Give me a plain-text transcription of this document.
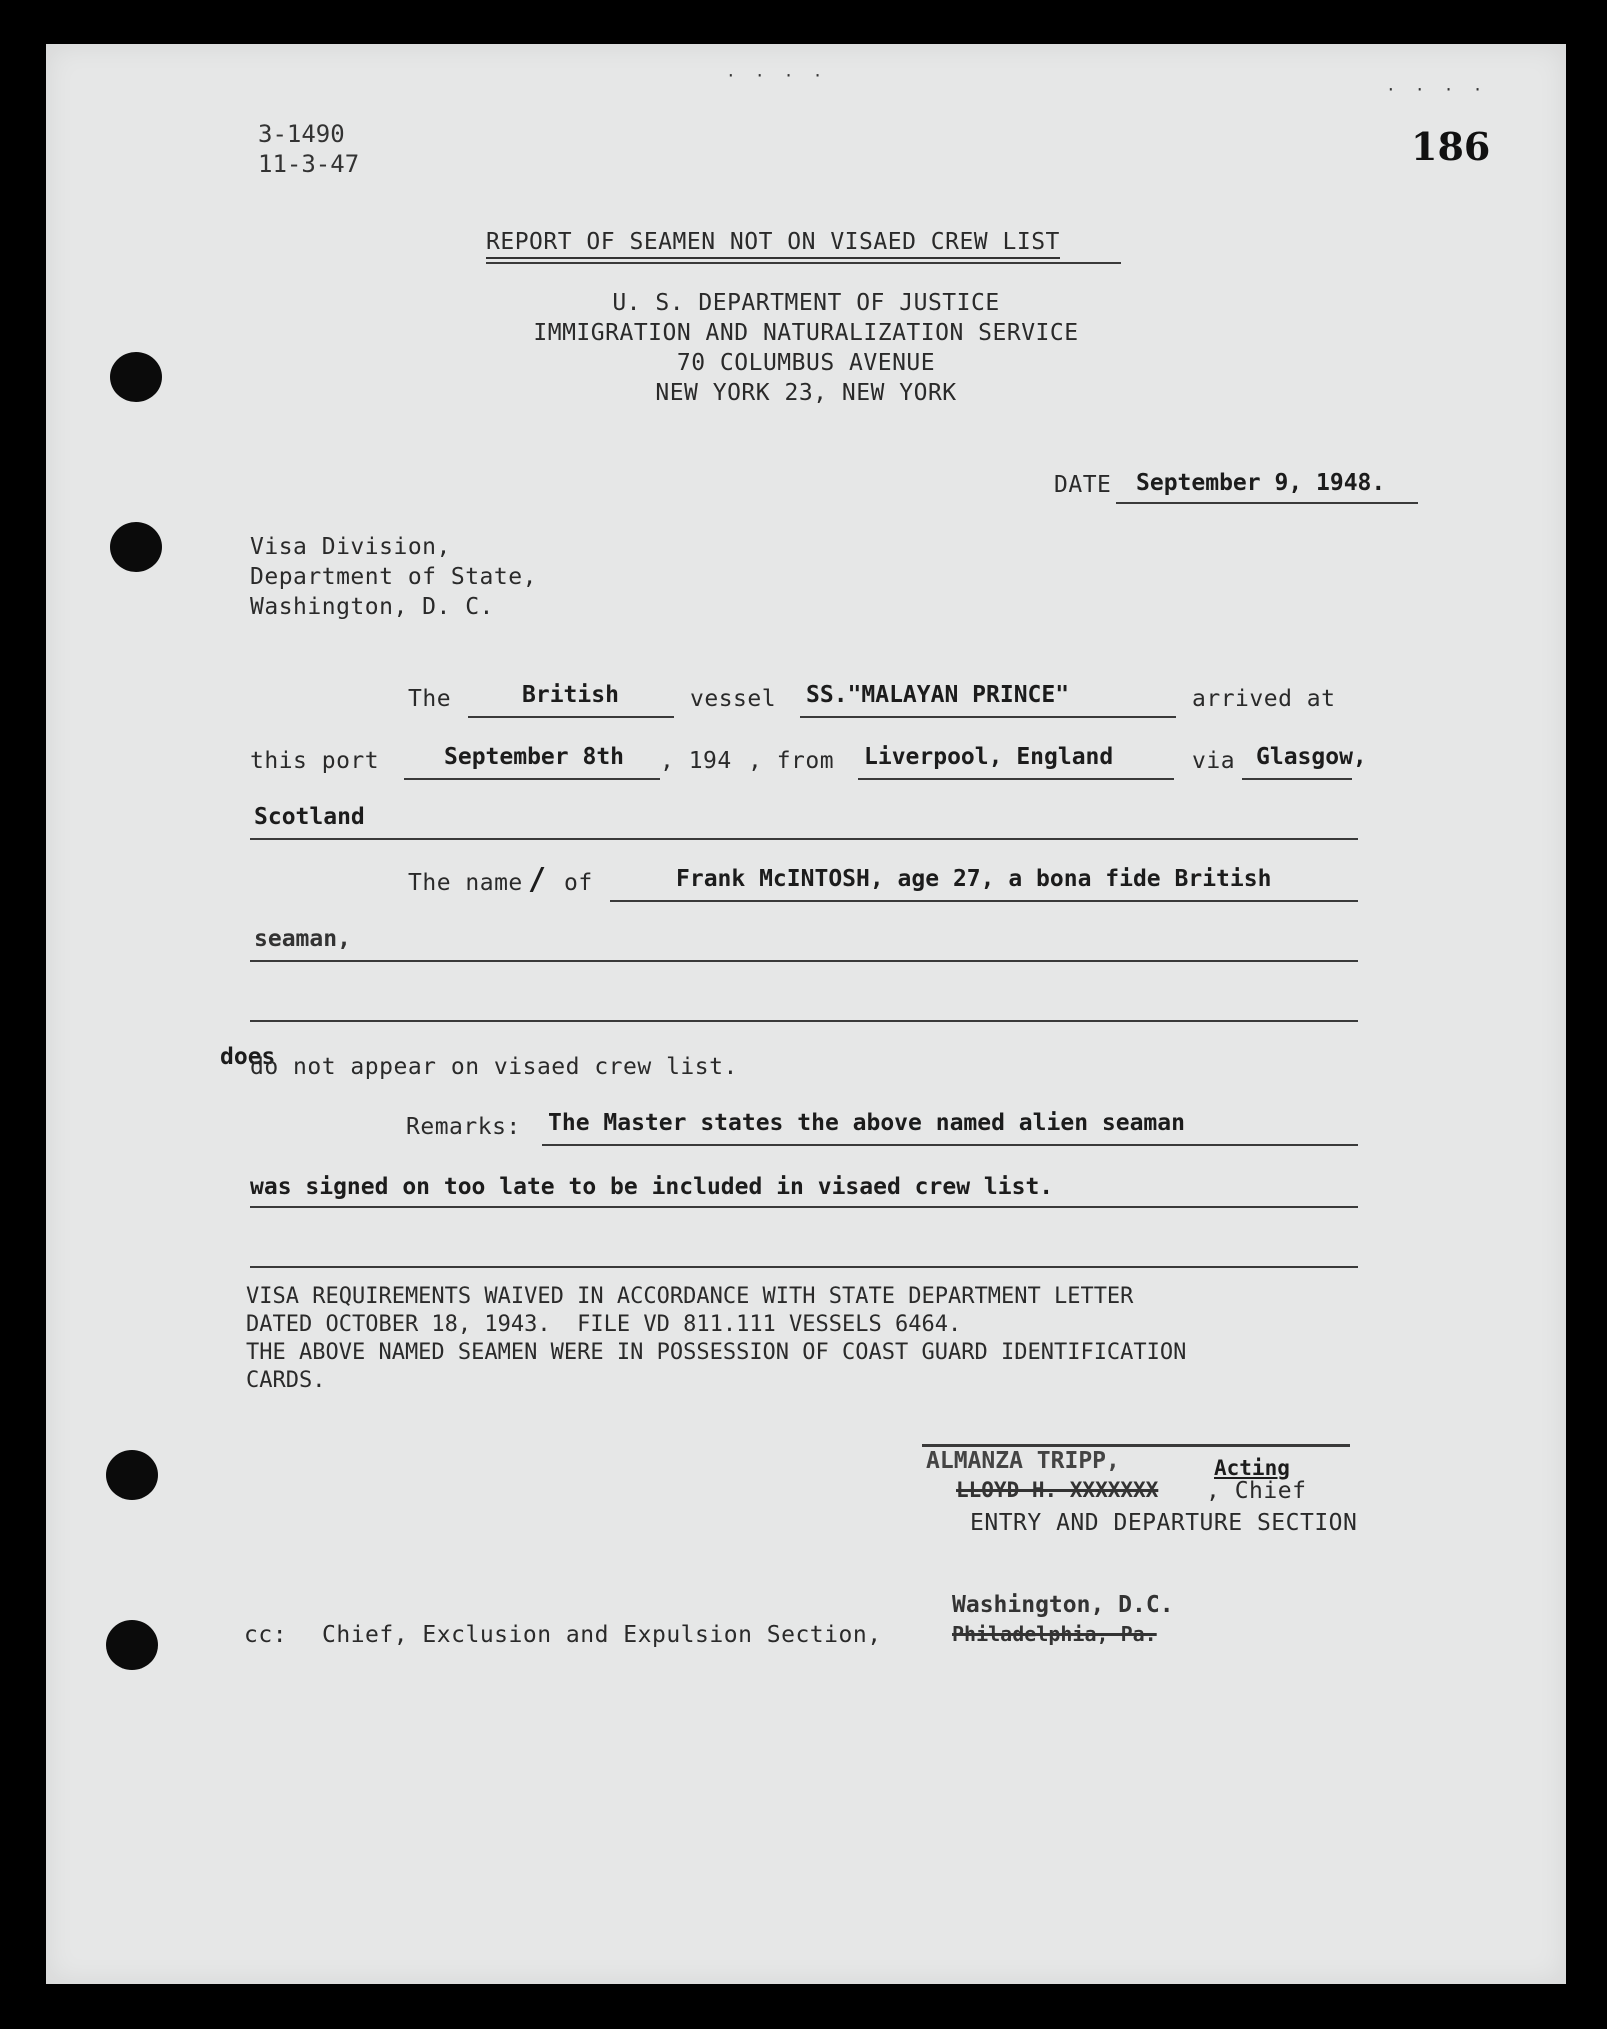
3-1490
11-3-47	186
REPORT OF SEAMEN NOT ON VISAED CREW LIST
U. S. DEPARTMENT OF JUSTICE
IMMIGRATION AND NATURALIZATION SERVICE
70 COLUMBUS AVENUE
NEW YORK 23, NEW YORK
DATE September 9, 1948.
Visa Division,
Department of State,
Washington, D. C.
The	British	vessel SS."MALAYAN PRINCE"	arrived at
this port	September 8th , 194 , from Liverpool, England	via Glasgow,
Scotland
The name / of	Frank McINTOSH, age 27, a bona fide British
seaman,
does
do not appear on visaed crew list.
Remarks: The Master states the above named alien seaman
was signed on too late to be included in visaed crew list.
VISA REQUIREMENTS WAIVED IN ACCORDANCE WITH STATE DEPARTMENT LETTER
DATED OCTOBER 18, 1943.  FILE VD 811.111 VESSELS 6464.
THE ABOVE NAMED SEAMEN WERE IN POSSESSION OF COAST GUARD IDENTIFICATION
CARDS.
ALMANZA TRIPP,	Acting
LLOYD H. XXXXXXX , Chief
ENTRY AND DEPARTURE SECTION
Washington, D.C.
cc: Chief, Exclusion and Expulsion Section,	Philadelphia, Pa.
·  ·  ·  ·
·  ·  ·  ·
